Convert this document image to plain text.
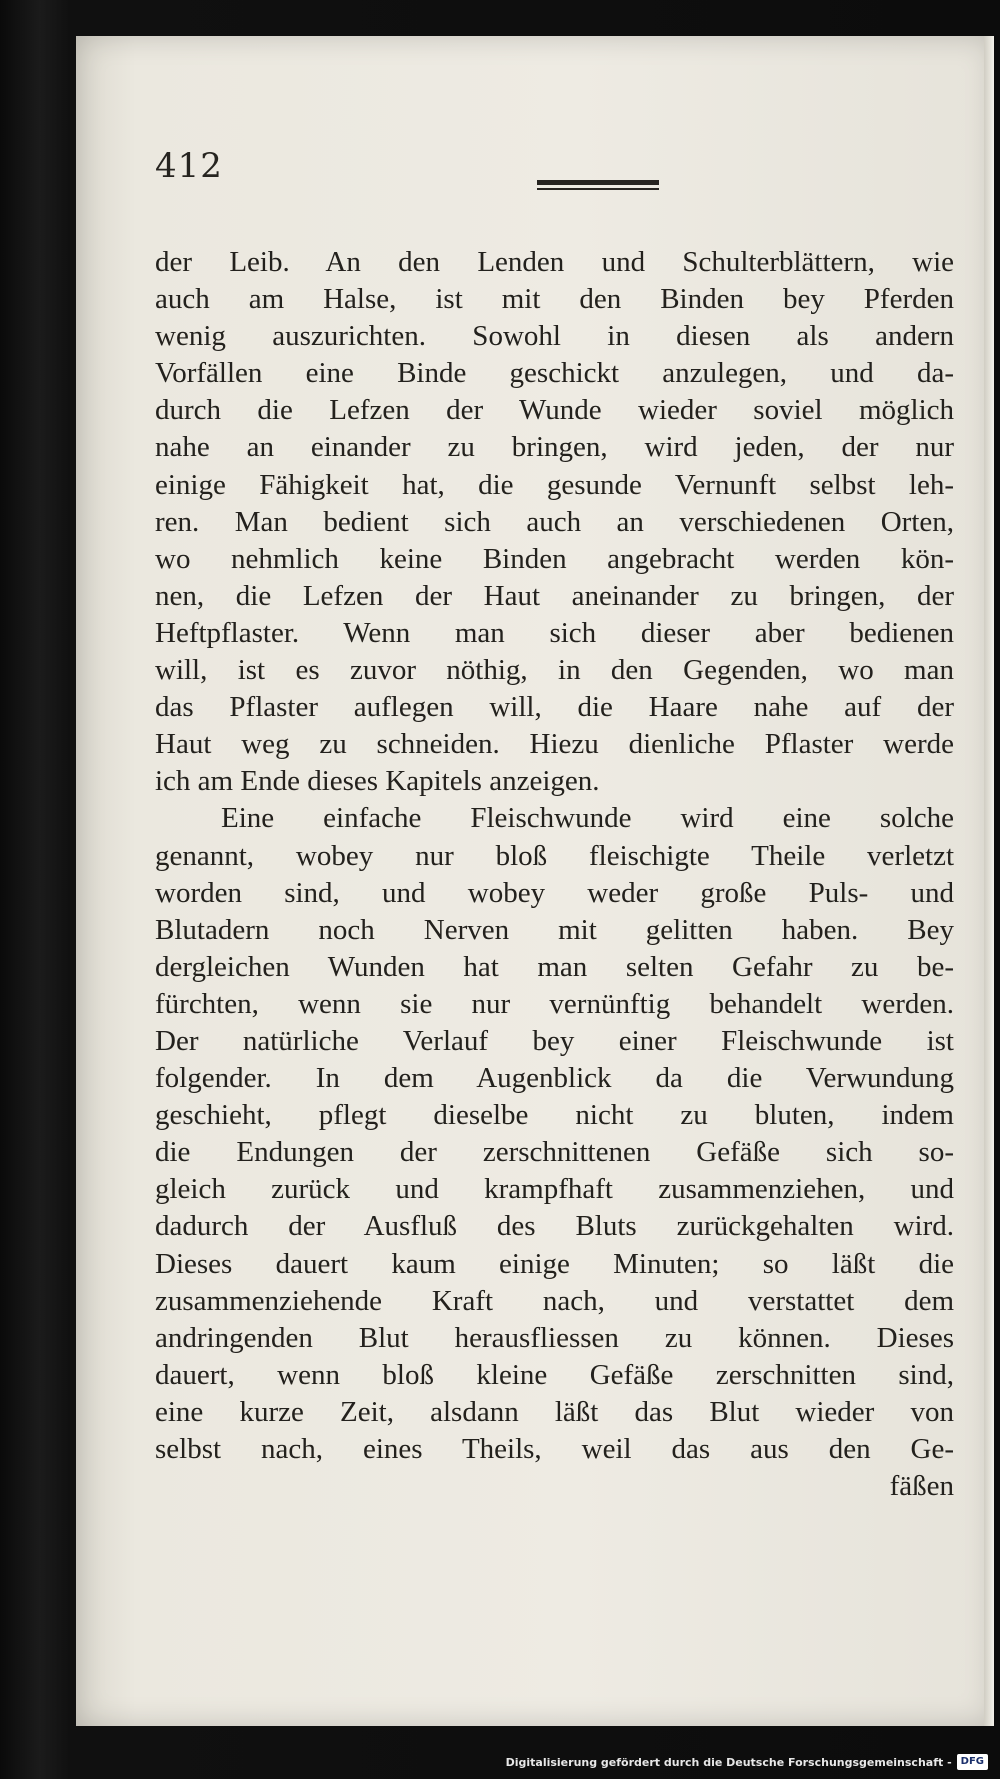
412
der Leib. An den Lenden und Schulterblättern, wie
auch am Halse, ist mit den Binden bey Pferden
wenig auszurichten. Sowohl in diesen als andern
Vorfällen eine Binde geschickt anzulegen, und da-
durch die Lefzen der Wunde wieder soviel möglich
nahe an einander zu bringen, wird jeden, der nur
einige Fähigkeit hat, die gesunde Vernunft selbst leh-
ren. Man bedient sich auch an verschiedenen Orten,
wo nehmlich keine Binden angebracht werden kön-
nen, die Lefzen der Haut aneinander zu bringen, der
Heftpflaster. Wenn man sich dieser aber bedienen
will, ist es zuvor nöthig, in den Gegenden, wo man
das Pflaster auflegen will, die Haare nahe auf der
Haut weg zu schneiden. Hiezu dienliche Pflaster werde
ich am Ende dieses Kapitels anzeigen.
Eine einfache Fleischwunde wird eine solche
genannt, wobey nur bloß fleischigte Theile verletzt
worden sind, und wobey weder große Puls- und
Blutadern noch Nerven mit gelitten haben. Bey
dergleichen Wunden hat man selten Gefahr zu be-
fürchten, wenn sie nur vernünftig behandelt werden.
Der natürliche Verlauf bey einer Fleischwunde ist
folgender. In dem Augenblick da die Verwundung
geschieht, pflegt dieselbe nicht zu bluten, indem
die Endungen der zerschnittenen Gefäße sich so-
gleich zurück und krampfhaft zusammenziehen, und
dadurch der Ausfluß des Bluts zurückgehalten wird.
Dieses dauert kaum einige Minuten; so läßt die
zusammenziehende Kraft nach, und verstattet dem
andringenden Blut herausfliessen zu können. Dieses
dauert, wenn bloß kleine Gefäße zerschnitten sind,
eine kurze Zeit, alsdann läßt das Blut wieder von
selbst nach, eines Theils, weil das aus den Ge-
fäßen
Digitalisierung gefördert durch die Deutsche Forschungsgemeinschaft - DFG
